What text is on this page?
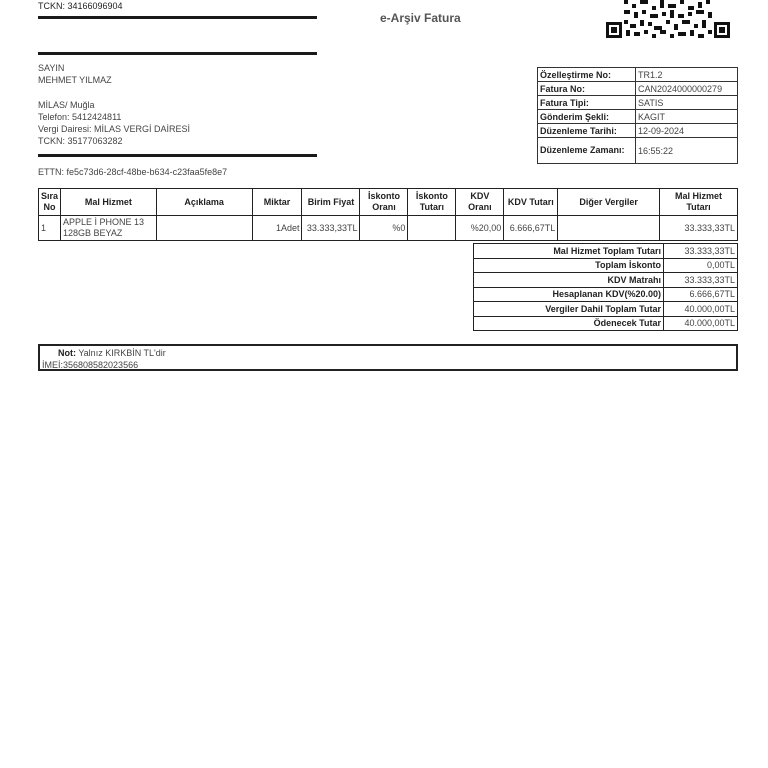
TCKN: 34166096904
e-Arşiv Fatura
SAYIN
MEHMET YILMAZ
MİLAS/ Muğla
Telefon: 5412424811
Vergi Dairesi: MİLAS VERGİ DAİRESİ
TCKN: 35177063282
ETTN: fe5c73d6-28cf-48be-b634-c23faa5fe8e7
Özelleştirme No:	TR1.2
Fatura No:	CAN2024000000279
Fatura Tipi:	SATIS
Gönderim Şekli:	KAGIT
Düzenleme Tarihi:	12-09-2024
Düzenleme Zamanı:	16:55:22
Sıra No	Mal Hizmet	Açıklama	Miktar	Birim Fiyat	İskonto Oranı	İskonto Tutarı	KDV Oranı	KDV Tutarı	Diğer Vergiler	Mal Hizmet Tutarı
1	APPLE İ PHONE 13 128GB BEYAZ		1Adet	33.333,33TL	%0		%20,00	6.666,67TL		33.333,33TL
Mal Hizmet Toplam Tutarı	33.333,33TL
Toplam İskonto	0,00TL
KDV Matrahı	33.333,33TL
Hesaplanan KDV(%20.00)	6.666,67TL
Vergiler Dahil Toplam Tutar	40.000,00TL
Ödenecek Tutar	40.000,00TL
Not: Yalnız KIRKBİN TL'dir
İMEİ:356808582023566
